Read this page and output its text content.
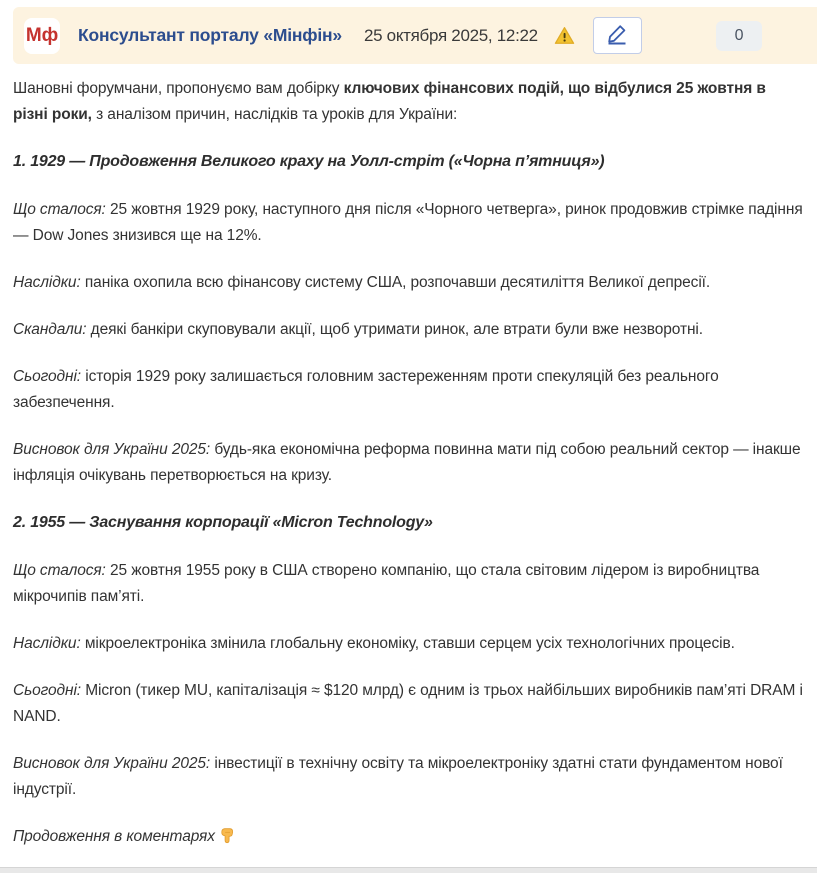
Мф Консультант порталу «Мінфін» 25 октября 2025, 12:22	0

Шановні форумчани, пропонуємо вам добірку ключових фінансових подій, що відбулися 25 жовтня в різні роки, з аналізом причин, наслідків та уроків для України:

1. 1929 — Продовження Великого краху на Уолл-стріт («Чорна п’ятниця»)

Що сталося: 25 жовтня 1929 року, наступного дня після «Чорного четверга», ринок продовжив стрімке падіння — Dow Jones знизився ще на 12%.

Наслідки: паніка охопила всю фінансову систему США, розпочавши десятиліття Великої депресії.

Скандали: деякі банкіри скуповували акції, щоб утримати ринок, але втрати були вже незворотні.

Сьогодні: історія 1929 року залишається головним застереженням проти спекуляцій без реального забезпечення.

Висновок для України 2025: будь-яка економічна реформа повинна мати під собою реальний сектор — інакше інфляція очікувань перетворюється на кризу.

2. 1955 — Заснування корпорації «Micron Technology»

Що сталося: 25 жовтня 1955 року в США створено компанію, що стала світовим лідером із виробництва мікрочипів пам’яті.

Наслідки: мікроелектроніка змінила глобальну економіку, ставши серцем усіх технологічних процесів.

Сьогодні: Micron (тикер MU, капіталізація ≈ $120 млрд) є одним із трьох найбільших виробників пам’яті DRAM і NAND.

Висновок для України 2025: інвестиції в технічну освіту та мікроелектроніку здатні стати фундаментом нової індустрії.

Продовження в коментарях
